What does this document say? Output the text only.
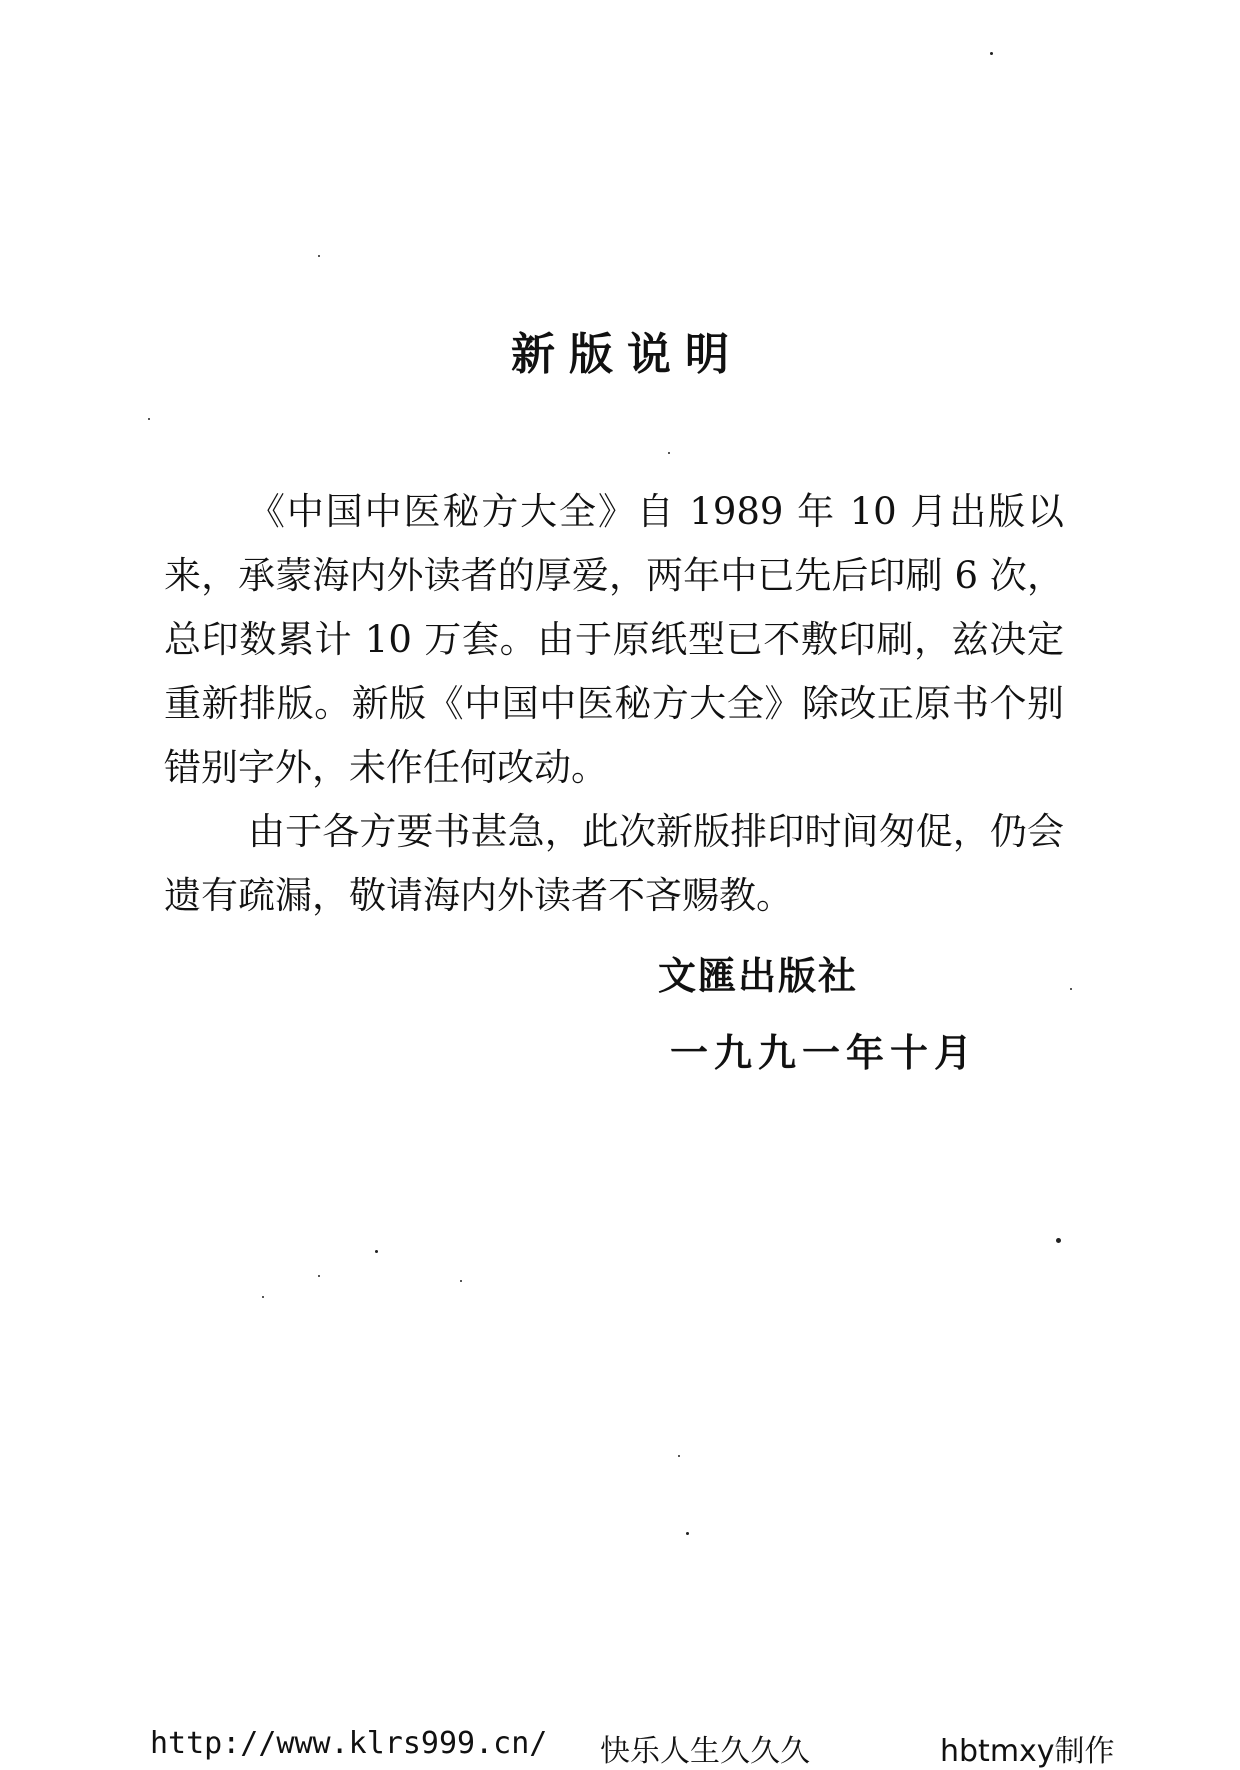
新版说明

《中国中医秘方大全》自 1989 年 10 月出版以来，承蒙海内外读者的厚爱，两年中已先后印刷 6 次，总印数累计 10 万套。由于原纸型已不敷印刷，兹决定重新排版。新版《中国中医秘方大全》除改正原书个别错别字外，未作任何改动。

由于各方要书甚急，此次新版排印时间匆促，仍会遗有疏漏，敬请海内外读者不吝赐教。

文匯出版社
一九九一年十月
http://www.klrs999.cn/ 快乐人生久久久	hbtmxy制作
